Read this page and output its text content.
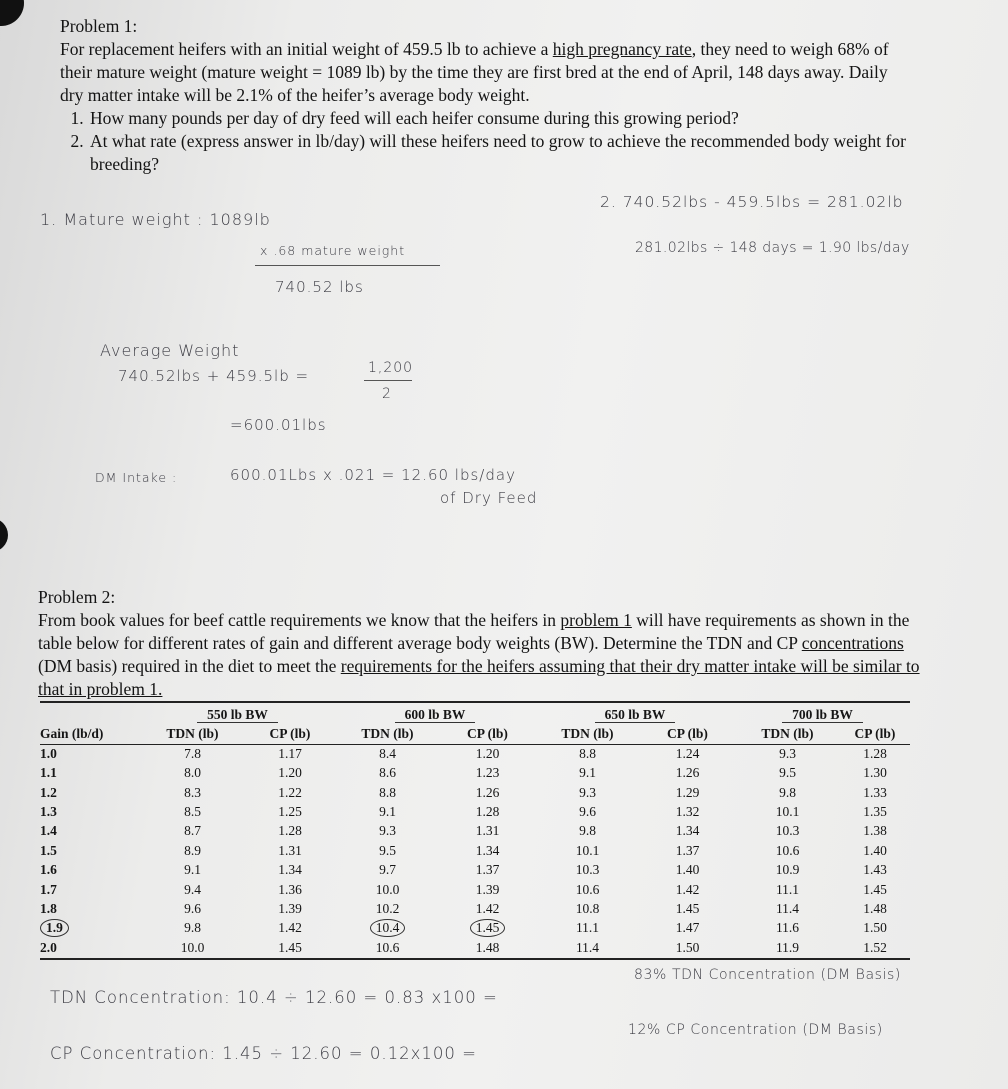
Problem 1:
For replacement heifers with an initial weight of 459.5 lb to achieve a high pregnancy rate, they need to weigh 68% of their mature weight (mature weight = 1089 lb) by the time they are first bred at the end of April, 148 days away. Daily dry matter intake will be 2.1% of the heifer’s average body weight.
1. How many pounds per day of dry feed will each heifer consume during this growing period?
2. At what rate (express answer in lb/day) will these heifers need to grow to achieve the recommended body weight for breeding?
1. Mature weight : 1089lb
x .68 mature weight
740.52 lbs
Average Weight
740.52lbs + 459.5lb =	1,200
2
=600.01lbs
DM Intake :	600.01Lbs x .021 = 12.60 lbs/day
of Dry Feed
2. 740.52lbs - 459.5lbs = 281.02lb
281.02lbs ÷ 148 days = 1.90 lbs/day
Problem 2:
From book values for beef cattle requirements we know that the heifers in problem 1 will have requirements as shown in the table below for different rates of gain and different average body weights (BW). Determine the TDN and CP concentrations (DM basis) required in the diet to meet the requirements for the heifers assuming that their dry matter intake will be similar to that in problem 1.
	550 lb BW		600 lb BW		650 lb BW		700 lb BW	
Gain (lb/d)	TDN (lb)	CP (lb)	TDN (lb)	CP (lb)	TDN (lb)	CP (lb)	TDN (lb)	CP (lb)
1.0	7.8	1.17	8.4	1.20	8.8	1.24	9.3	1.28
1.1	8.0	1.20	8.6	1.23	9.1	1.26	9.5	1.30
1.2	8.3	1.22	8.8	1.26	9.3	1.29	9.8	1.33
1.3	8.5	1.25	9.1	1.28	9.6	1.32	10.1	1.35
1.4	8.7	1.28	9.3	1.31	9.8	1.34	10.3	1.38
1.5	8.9	1.31	9.5	1.34	10.1	1.37	10.6	1.40
1.6	9.1	1.34	9.7	1.37	10.3	1.40	10.9	1.43
1.7	9.4	1.36	10.0	1.39	10.6	1.42	11.1	1.45
1.8	9.6	1.39	10.2	1.42	10.8	1.45	11.4	1.48
1.9	9.8	1.42	10.4	1.45	11.1	1.47	11.6	1.50
2.0	10.0	1.45	10.6	1.48	11.4	1.50	11.9	1.52
TDN Concentration: 10.4 ÷ 12.60 = 0.83 x100 =
83% TDN Concentration (DM Basis)
CP Concentration: 1.45 ÷ 12.60 = 0.12x100 =
12% CP Concentration (DM Basis)
